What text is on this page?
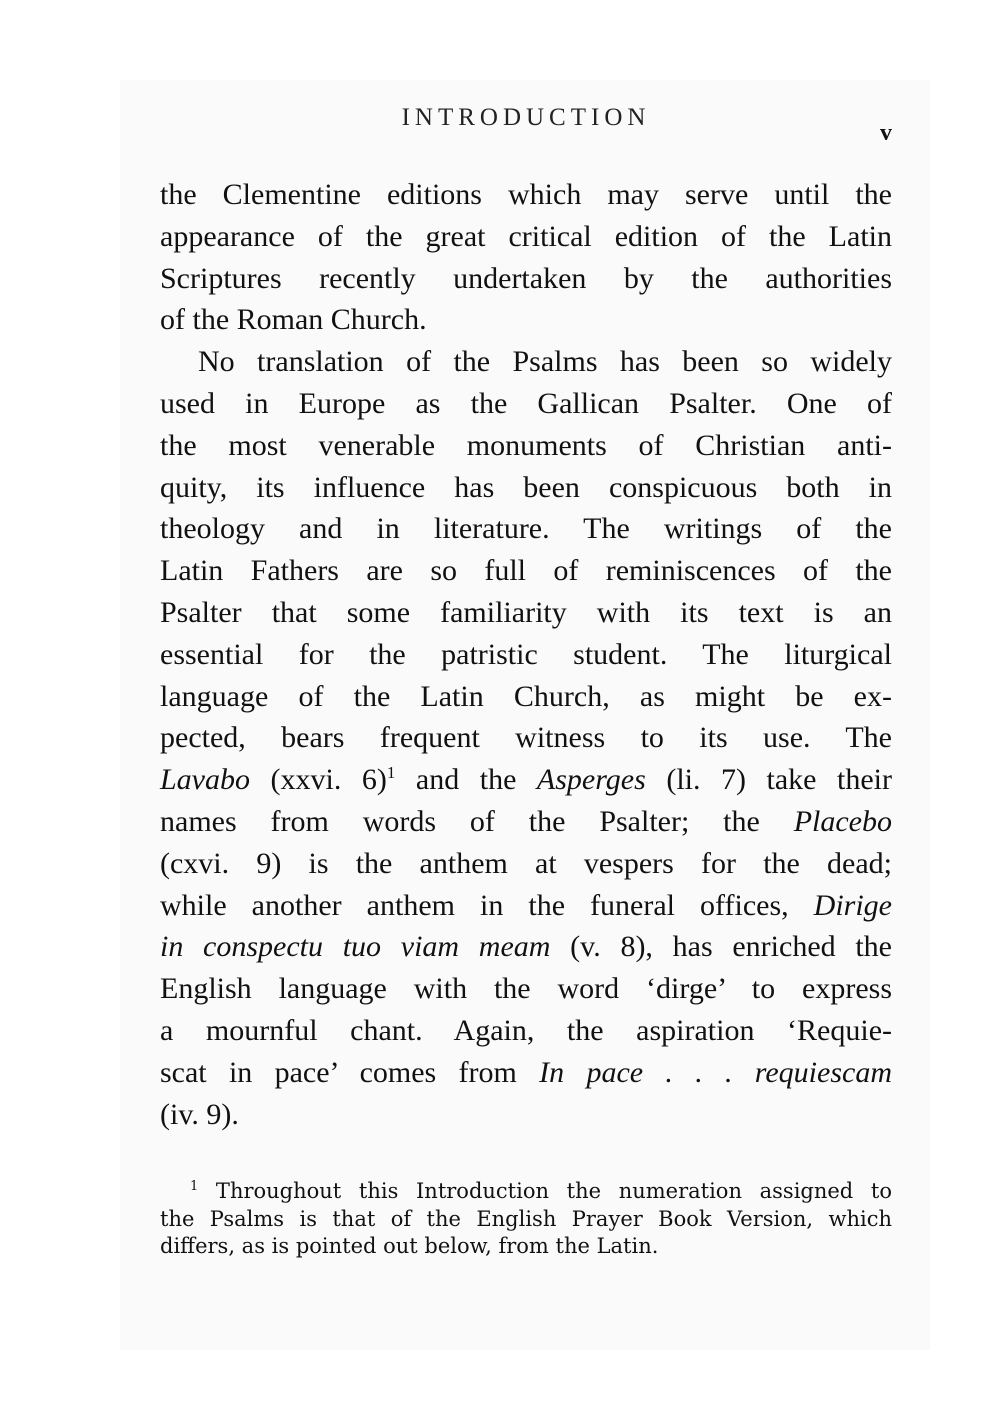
INTRODUCTION
v
the Clementine editions which may serve until the
appearance of the great critical edition of the Latin
Scriptures recently undertaken by the authorities
of the Roman Church.
No translation of the Psalms has been so widely
used in Europe as the Gallican Psalter. One of
the most venerable monuments of Christian anti-
quity, its influence has been conspicuous both in
theology and in literature. The writings of the
Latin Fathers are so full of reminiscences of the
Psalter that some familiarity with its text is an
essential for the patristic student. The liturgical
language of the Latin Church, as might be ex-
pected, bears frequent witness to its use. The
Lavabo (xxvi. 6)$^1$ and the Asperges (li. 7) take their
names from words of the Psalter; the Placebo
(cxvi. 9) is the anthem at vespers for the dead;
while another anthem in the funeral offices, Dirige
in conspectu tuo viam meam (v. 8), has enriched the
English language with the word ‘dirge’ to express
a mournful chant. Again, the aspiration ‘Requie-
scat in pace’ comes from In pace . . . requiescam
(iv. 9).
$^1$ Throughout this Introduction the numeration assigned to
the Psalms is that of the English Prayer Book Version, which
differs, as is pointed out below, from the Latin.
